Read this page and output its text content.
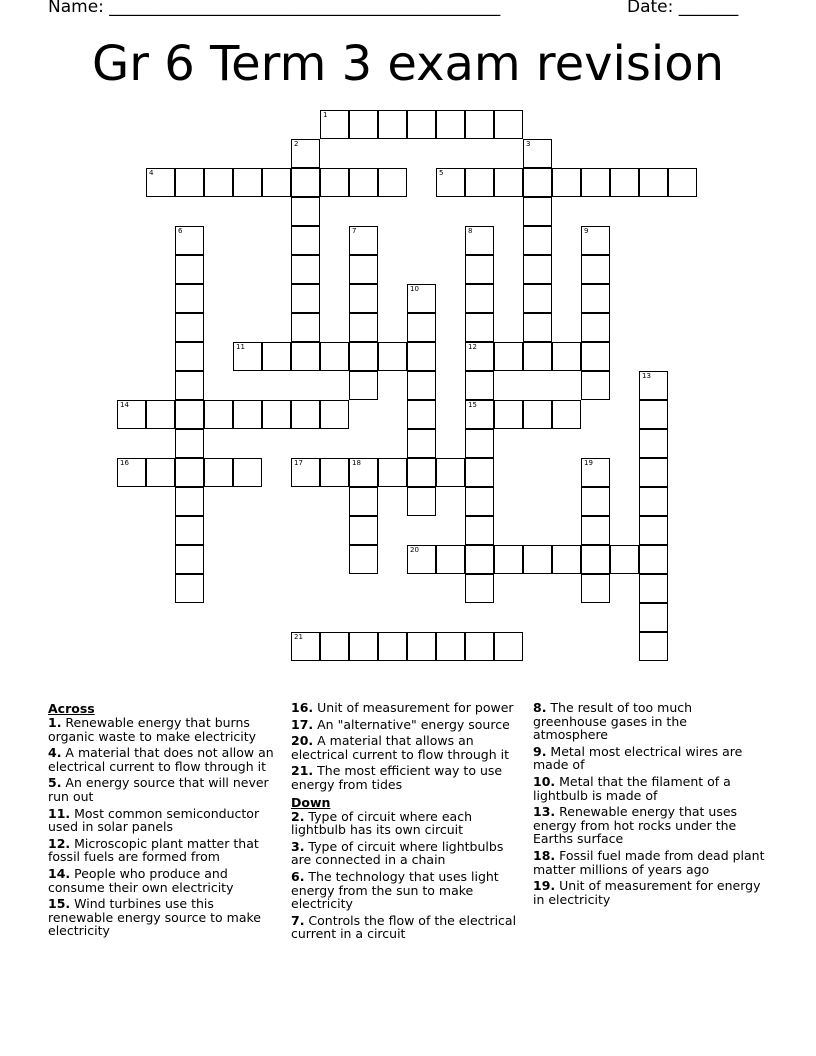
Name: ______________________________________________	Date: _______
Gr 6 Term 3 exam revision
1
4	5
11	12
14	15
16	17	18
20
21
2	3
6	7	8	9
10
13
19
Across

1. Renewable energy that burns organic waste to make electricity

4. A material that does not allow an electrical current to flow through it

5. An energy source that will never run out

11. Most common semiconductor used in solar panels

12. Microscopic plant matter that fossil fuels are formed from

14. People who produce and consume their own electricity

15. Wind turbines use this renewable energy source to make electricity

16. Unit of measurement for power

17. An "alternative" energy source

20. A material that allows an electrical current to flow through it

21. The most efficient way to use energy from tides

Down

2. Type of circuit where each lightbulb has its own circuit

3. Type of circuit where lightbulbs are connected in a chain

6. The technology that uses light energy from the sun to make electricity

7. Controls the flow of the electrical current in a circuit

8. The result of too much greenhouse gases in the atmosphere

9. Metal most electrical wires are made of

10. Metal that the filament of a lightbulb is made of

13. Renewable energy that uses energy from hot rocks under the Earths surface

18. Fossil fuel made from dead plant matter millions of years ago

19. Unit of measurement for energy in electricity
